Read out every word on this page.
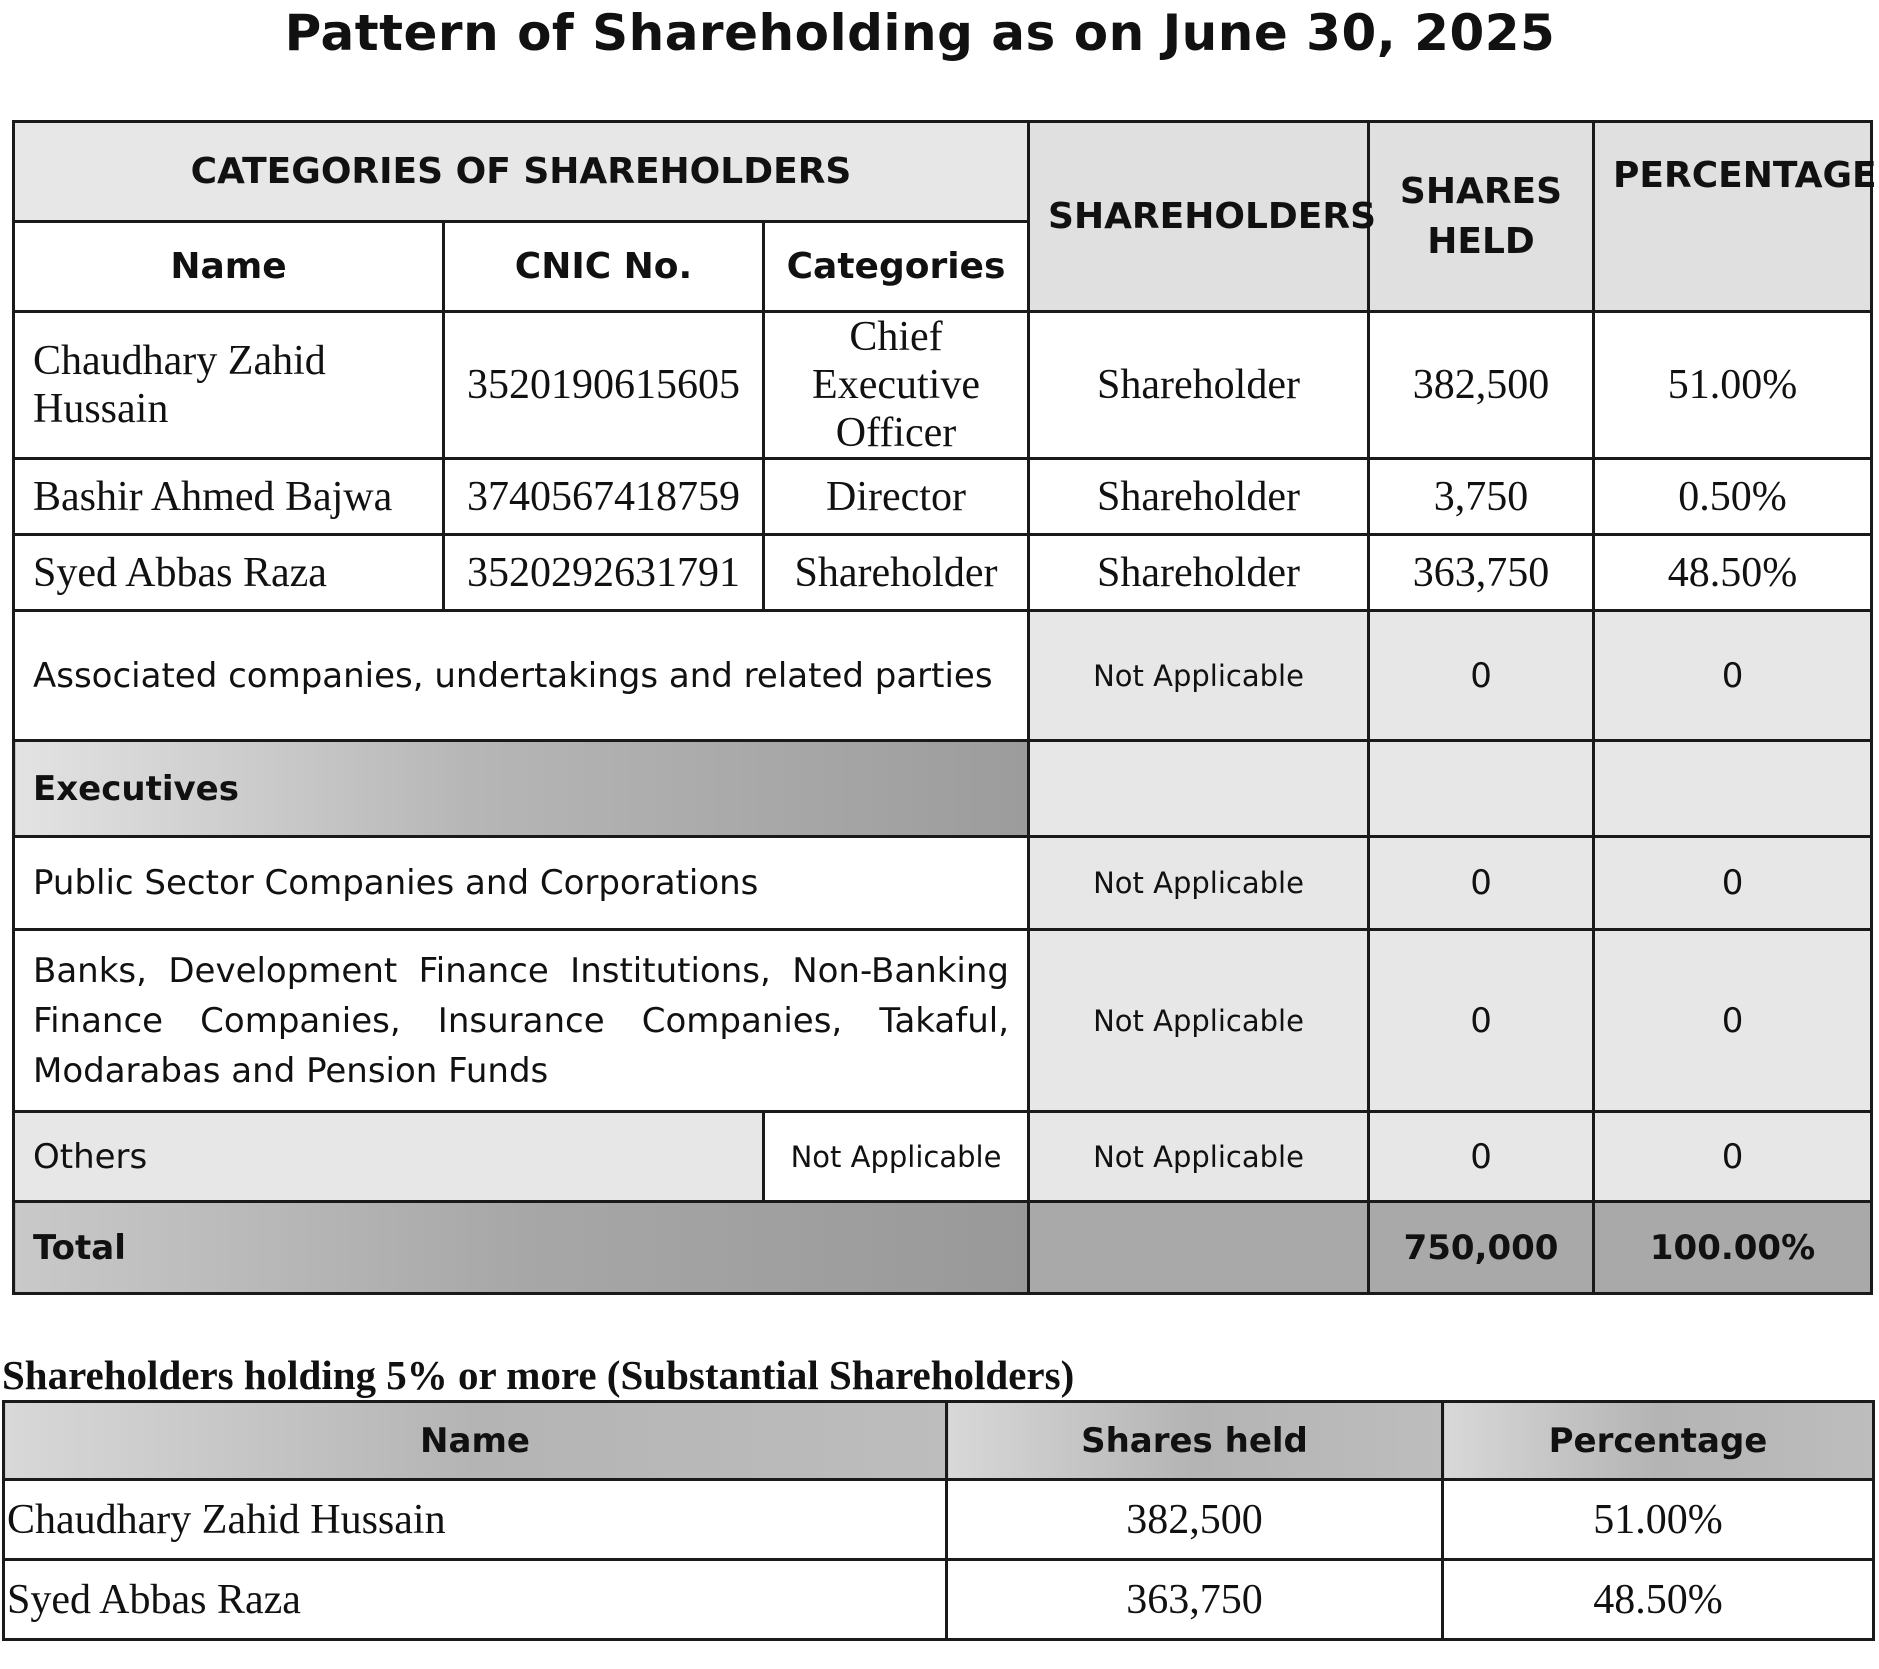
Pattern of Shareholding as on June 30, 2025
CATEGORIES OF SHAREHOLDERS			SHAREHOLDERS	SHARES HELD	PERCENTAGE
Name	CNIC No.	Categories			
Chaudhary Zahid Hussain	3520190615605	Chief Executive Officer	Shareholder	382,500	51.00%
Bashir Ahmed Bajwa	3740567418759	Director	Shareholder	3,750	0.50%
Syed Abbas Raza	3520292631791	Shareholder	Shareholder	363,750	48.50%
Associated companies, undertakings and related parties			Not Applicable	0	0
Executives					
Public Sector Companies and Corporations			Not Applicable	0	0
Banks, Development Finance Institutions, Non-Banking Finance Companies, Insurance Companies, Takaful, Modarabas and Pension Funds			Not Applicable	0	0
Others		Not Applicable	Not Applicable	0	0
Total				750,000	100.00%
Shareholders holding 5% or more (Substantial Shareholders)
Name	Shares held	Percentage
Chaudhary Zahid Hussain	382,500	51.00%
Syed Abbas Raza	363,750	48.50%
